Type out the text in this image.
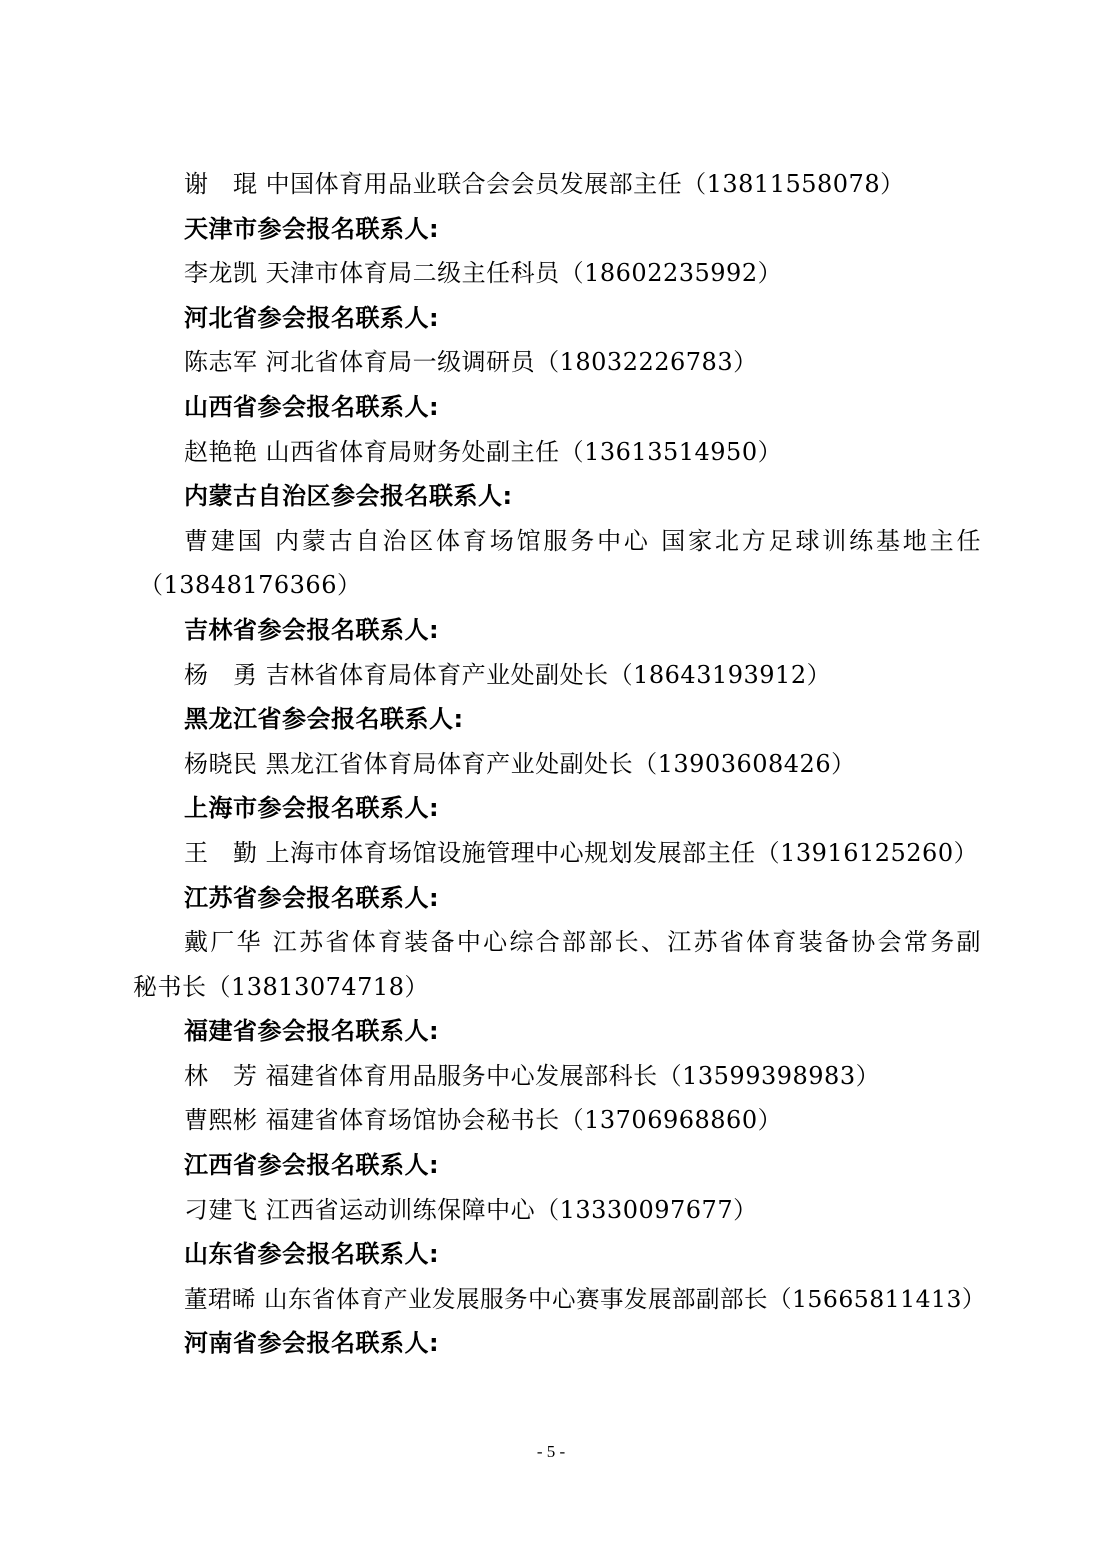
谢　琨 中国体育用品业联合会会员发展部主任（13811558078）
天津市参会报名联系人:
李龙凯 天津市体育局二级主任科员（18602235992）
河北省参会报名联系人:
陈志军 河北省体育局一级调研员（18032226783）
山西省参会报名联系人:
赵艳艳 山西省体育局财务处副主任（13613514950）
内蒙古自治区参会报名联系人:
曹建国 内蒙古自治区体育场馆服务中心 国家北方足球训练基地主任
（13848176366）
吉林省参会报名联系人:
杨　勇 吉林省体育局体育产业处副处长（18643193912）
黑龙江省参会报名联系人:
杨晓民 黑龙江省体育局体育产业处副处长（13903608426）
上海市参会报名联系人:
王　勤 上海市体育场馆设施管理中心规划发展部主任（13916125260）
江苏省参会报名联系人:
戴厂华 江苏省体育装备中心综合部部长、江苏省体育装备协会常务副
秘书长（13813074718）
福建省参会报名联系人:
林　芳 福建省体育用品服务中心发展部科长（13599398983）
曹熙彬 福建省体育场馆协会秘书长（13706968860）
江西省参会报名联系人:
刁建飞 江西省运动训练保障中心（13330097677）
山东省参会报名联系人:
董珺晞 山东省体育产业发展服务中心赛事发展部副部长（15665811413）
河南省参会报名联系人:
- 5 -
